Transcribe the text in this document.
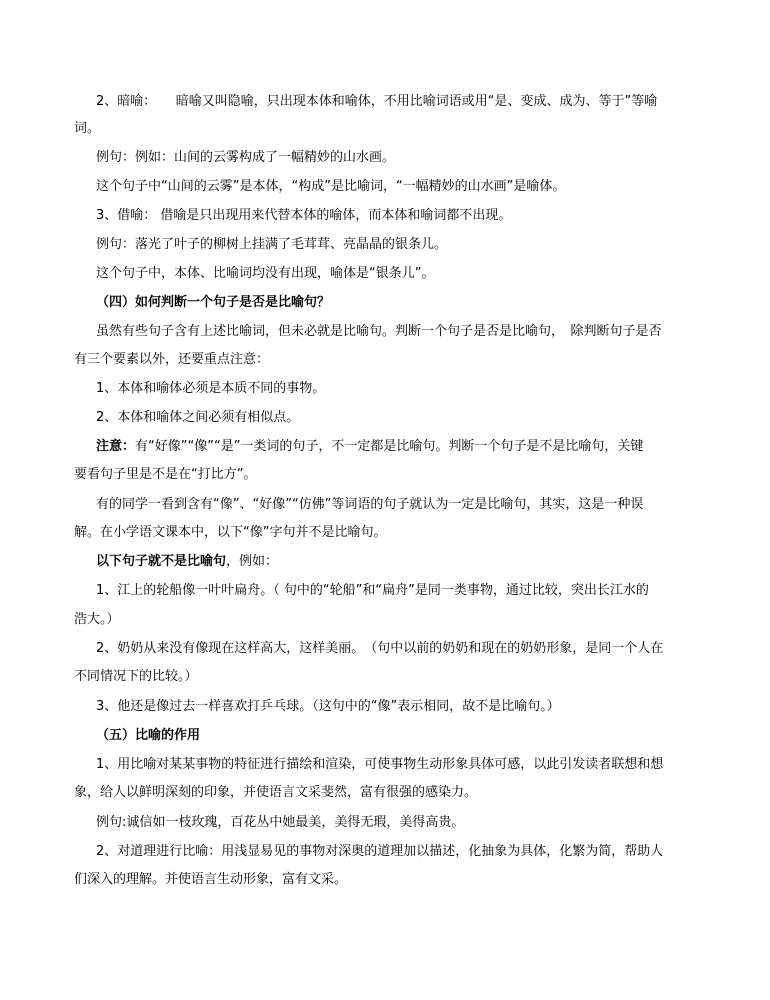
2、暗喻：　　暗喻又叫隐喻，只出现本体和喻体，不用比喻词语或用“是、变成、成为、等于”等喻
词。
例句：例如：山间的云雾构成了一幅精妙的山水画。
这个句子中“山间的云雾”是本体，“构成”是比喻词，“一幅精妙的山水画”是喻体。
3、借喻： 借喻是只出现用来代替本体的喻体，而本体和喻词都不出现。
例句：落光了叶子的柳树上挂满了毛茸茸、亮晶晶的银条儿。
这个句子中，本体、比喻词均没有出现，喻体是“银条儿”。
（四）如何判断一个句子是否是比喻句？
虽然有些句子含有上述比喻词，但未必就是比喻句。判断一个句子是否是比喻句，　除判断句子是否
有三个要素以外，还要重点注意：
1、本体和喻体必须是本质不同的事物。
2、本体和喻体之间必须有相似点。
注意：有“好像”“像”“是”一类词的句子，不一定都是比喻句。判断一个句子是不是比喻句，关键
要看句子里是不是在“打比方”。
有的同学一看到含有“像”、“好像”“仿佛”等词语的句子就认为一定是比喻句，其实，这是一种误
解。在小学语文课本中，以下“像”字句并不是比喻句。
以下句子就不是比喻句，例如：
1、江上的轮船像一叶叶扁舟。（ 句中的“轮船”和“扁舟”是同一类事物，通过比较，突出长江水的
浩大。）
2、奶奶从来没有像现在这样高大，这样美丽。　（句中以前的奶奶和现在的奶奶形象，是同一个人在
不同情况下的比较。）
3、他还是像过去一样喜欢打乒乓球。（这句中的“像”表示相同，故不是比喻句。）
（五）比喻的作用
1、用比喻对某某事物的特征进行描绘和渲染，可使事物生动形象具体可感，以此引发读者联想和想
象，给人以鲜明深刻的印象，并使语言文采斐然，富有很强的感染力。
例句:诚信如一枝玫瑰，百花丛中她最美，美得无瑕，美得高贵。
2、对道理进行比喻：用浅显易见的事物对深奥的道理加以描述，化抽象为具体，化繁为简，帮助人
们深入的理解。并使语言生动形象，富有文采。
